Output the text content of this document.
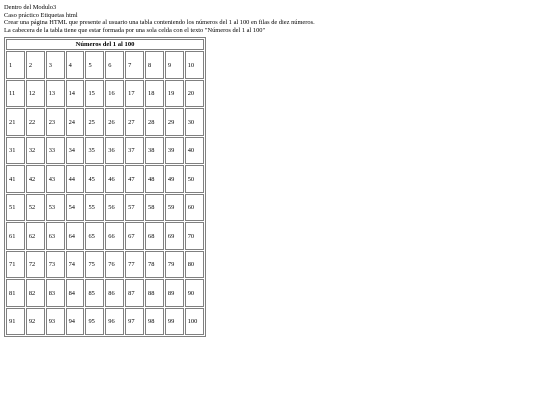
Dentro del Modulo3

Caso práctico Etiquetas html

Crear una página HTML que presente al usuario una tabla conteniendo los números del 1 al 100 en filas de diez números.

La cabecera de la tabla tiene que estar formada por una sola celda con el texto "Números del 1 al 100"

Números del 1 al 100									
1	2	3	4	5	6	7	8	9	10
11	12	13	14	15	16	17	18	19	20
21	22	23	24	25	26	27	28	29	30
31	32	33	34	35	36	37	38	39	40
41	42	43	44	45	46	47	48	49	50
51	52	53	54	55	56	57	58	59	60
61	62	63	64	65	66	67	68	69	70
71	72	73	74	75	76	77	78	79	80
81	82	83	84	85	86	87	88	89	90
91	92	93	94	95	96	97	98	99	100
